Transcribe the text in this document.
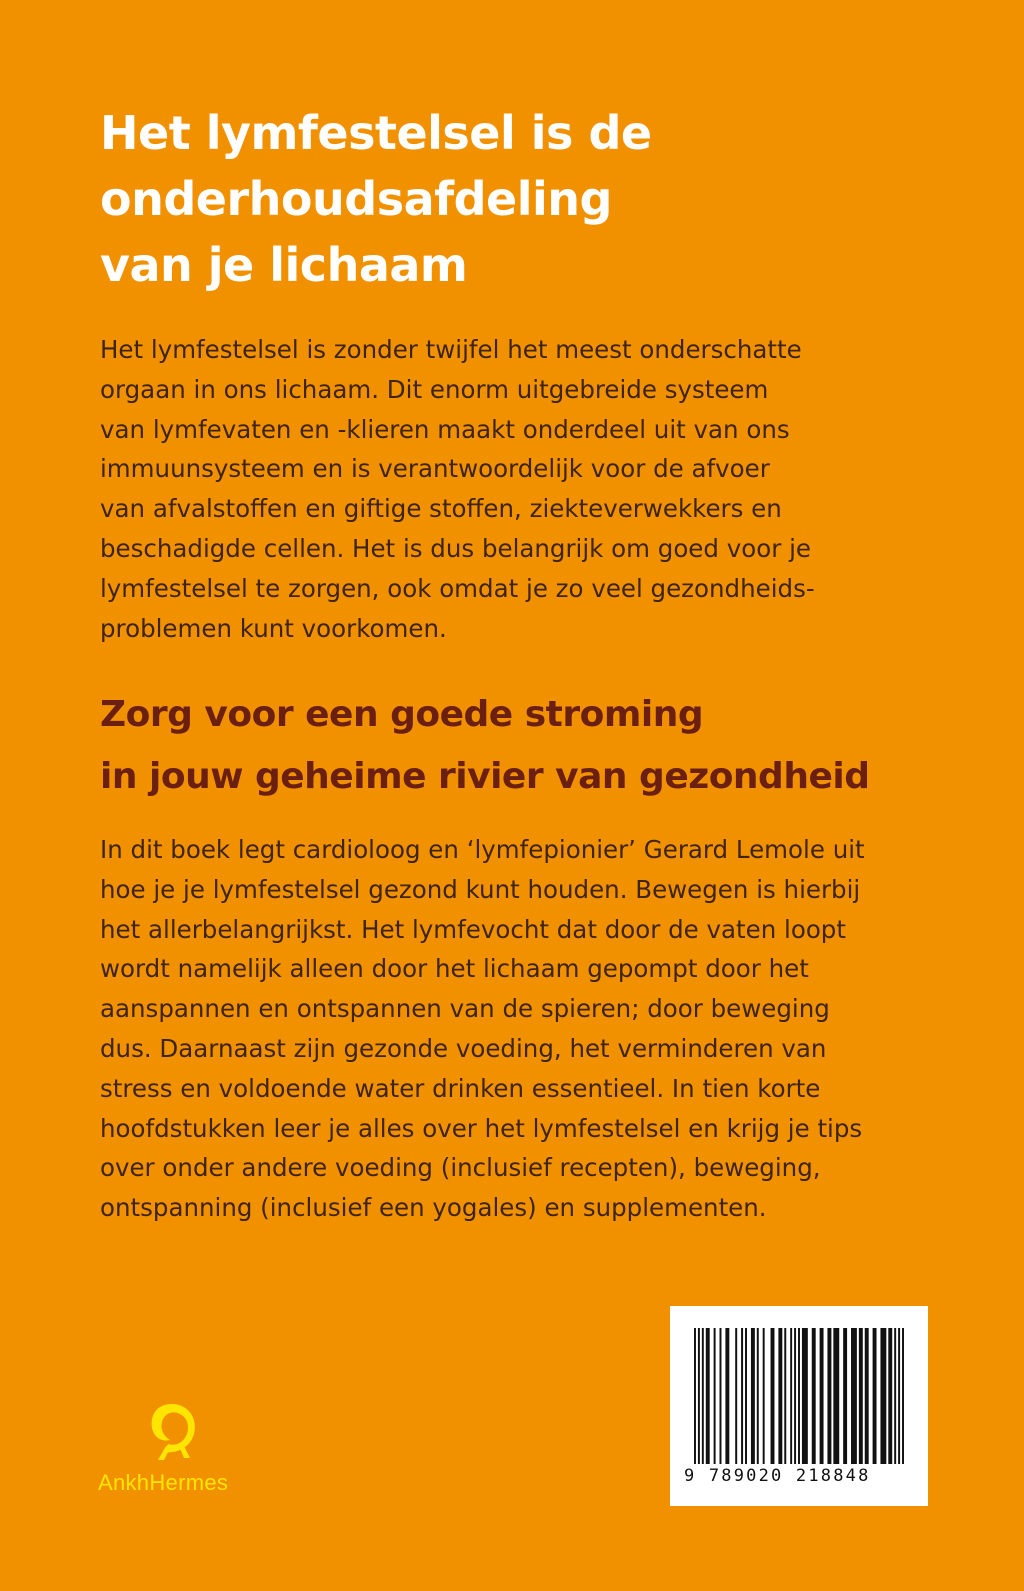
Het lymfestelsel is de
onderhoudsafdeling
van je lichaam

Het lymfestelsel is zonder twijfel het meest onderschatte
orgaan in ons lichaam. Dit enorm uitgebreide systeem
van lymfevaten en -klieren maakt onderdeel uit van ons
immuunsysteem en is verantwoordelijk voor de afvoer
van afvalstoffen en giftige stoffen, ziekteverwekkers en
beschadigde cellen. Het is dus belangrijk om goed voor je
lymfestelsel te zorgen, ook omdat je zo veel gezondheids-
problemen kunt voorkomen.

Zorg voor een goede stroming
in jouw geheime rivier van gezondheid

In dit boek legt cardioloog en ‘lymfepionier’ Gerard Lemole uit
hoe je je lymfestelsel gezond kunt houden. Bewegen is hierbij
het allerbelangrijkst. Het lymfevocht dat door de vaten loopt
wordt namelijk alleen door het lichaam gepompt door het
aanspannen en ontspannen van de spieren; door beweging
dus. Daarnaast zijn gezonde voeding, het verminderen van
stress en voldoende water drinken essentieel. In tien korte
hoofdstukken leer je alles over het lymfestelsel en krijg je tips
over onder andere voeding (inclusief recepten), beweging,
ontspanning (inclusief een yogales) en supplementen.

AnkhHermes	9 789020 218848
